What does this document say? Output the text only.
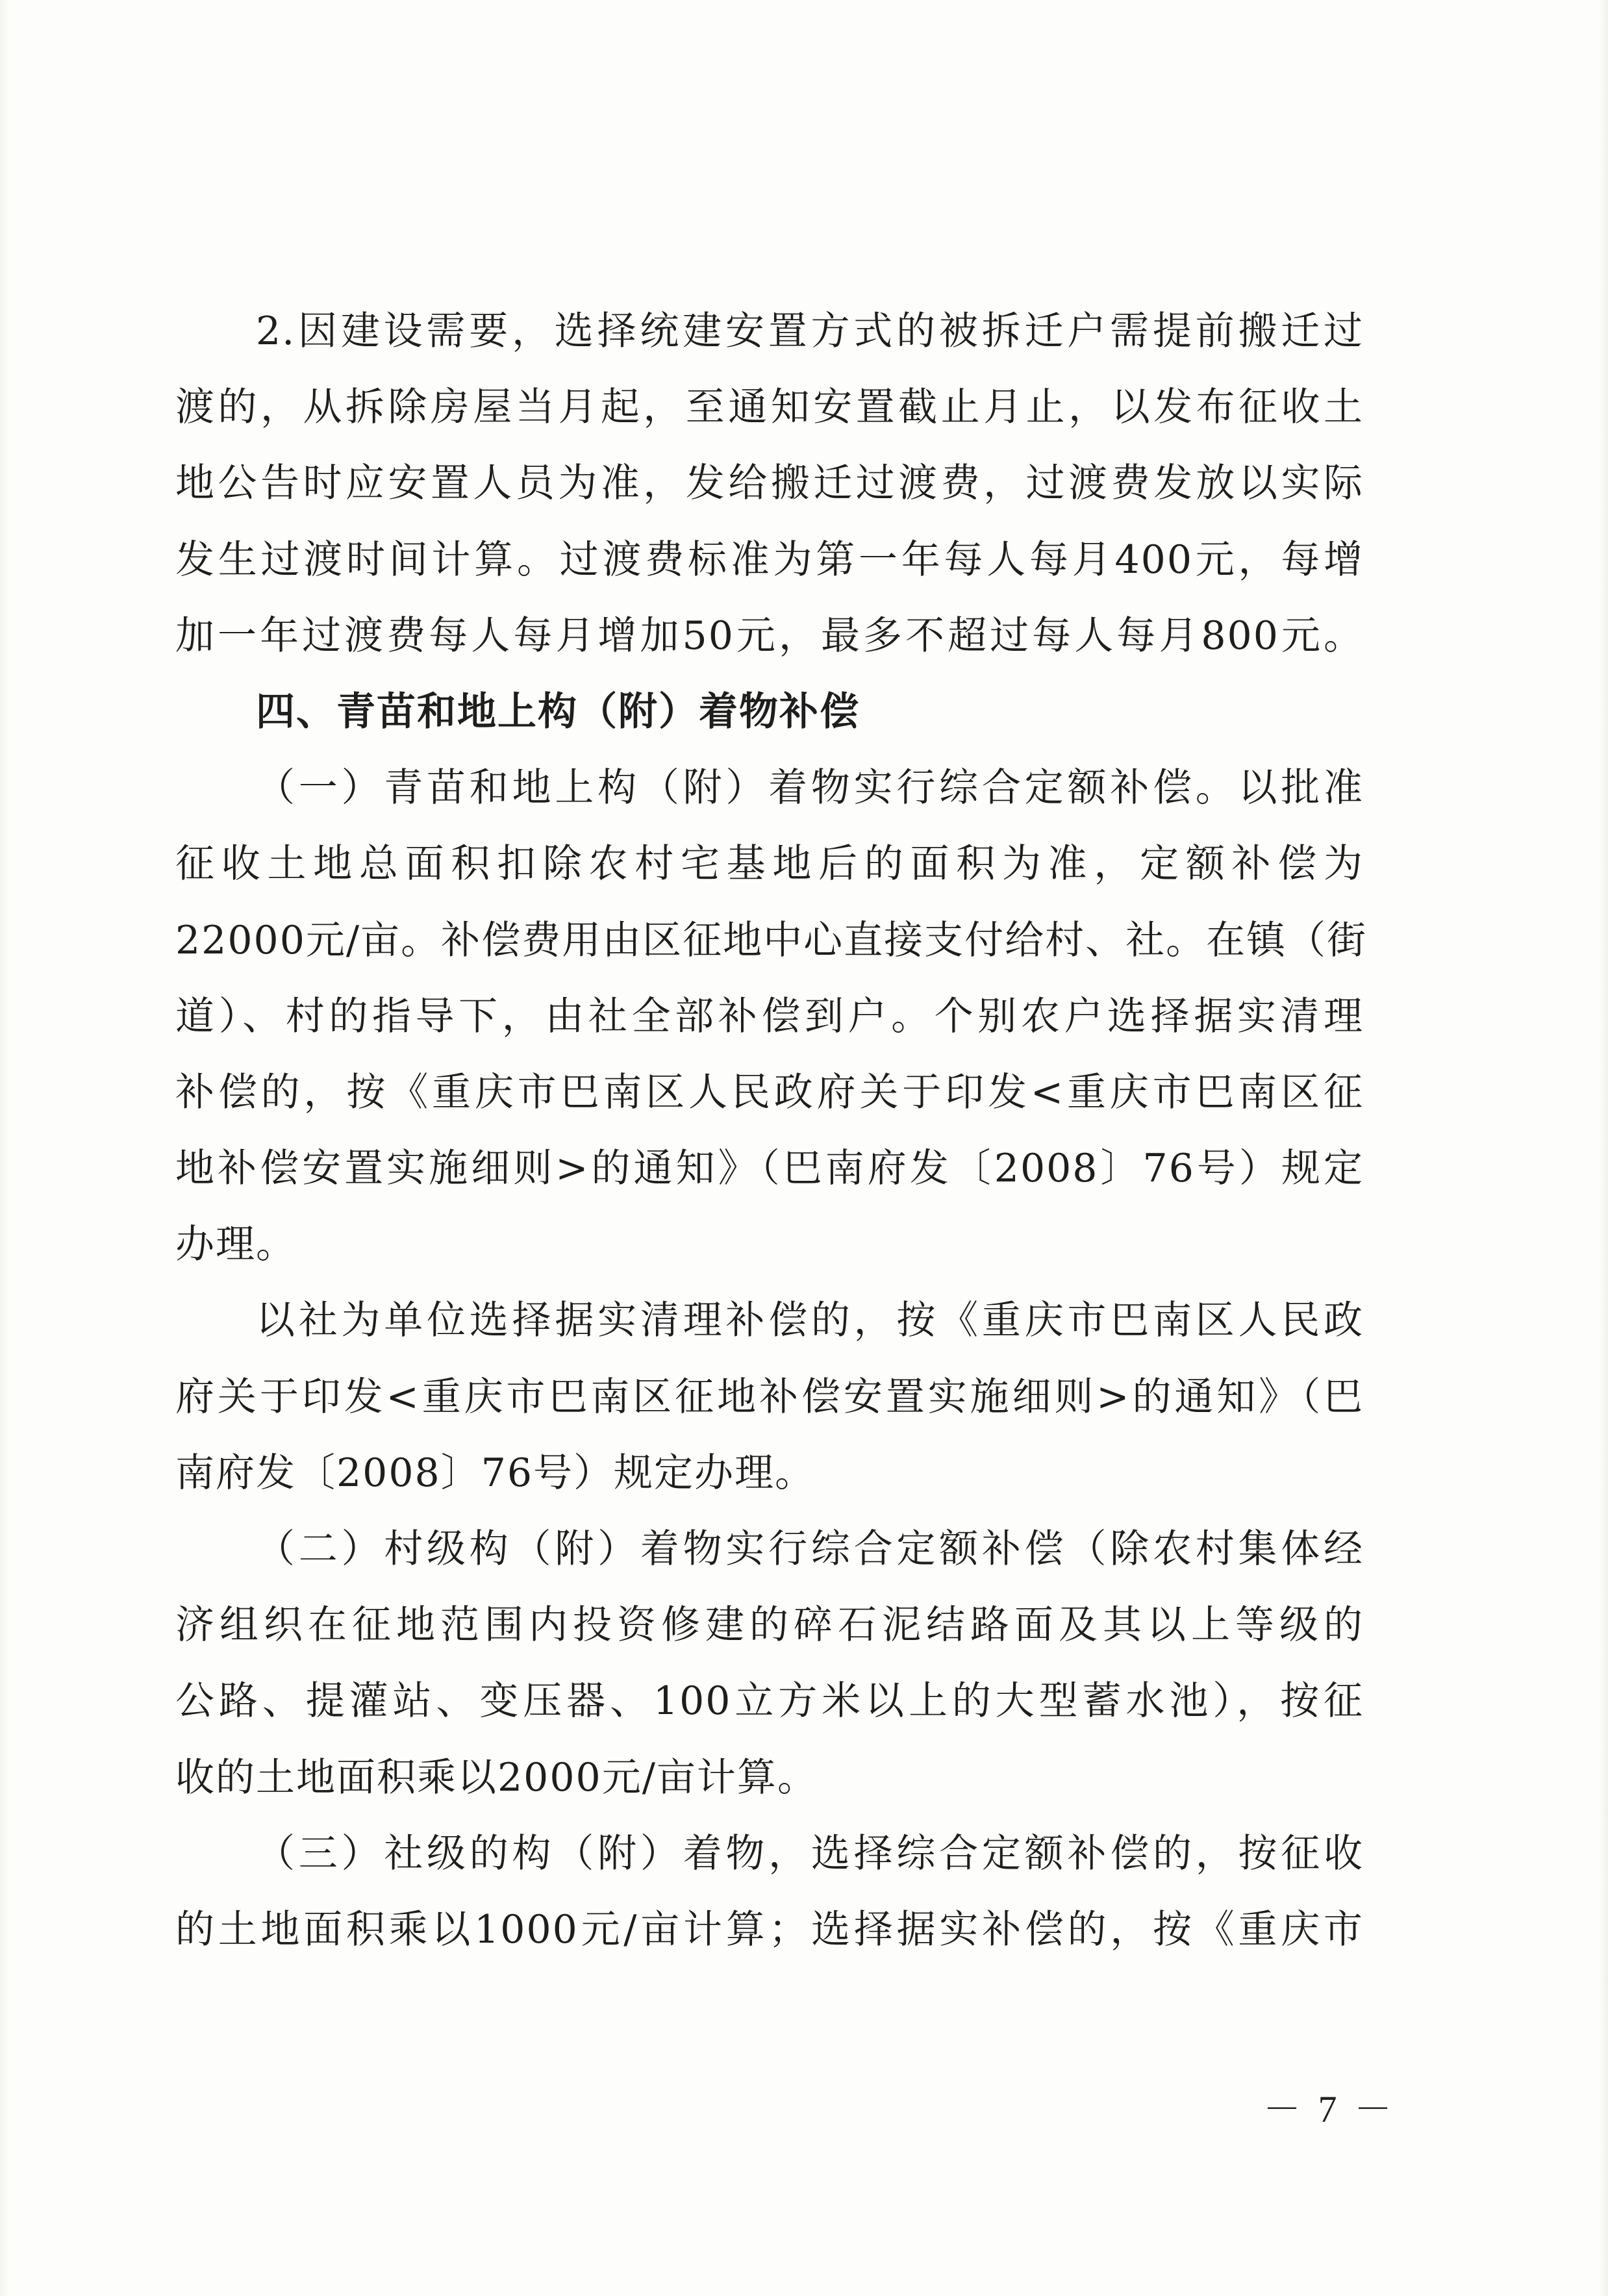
2.因建设需要，选择统建安置方式的被拆迁户需提前搬迁过
渡的，从拆除房屋当月起，至通知安置截止月止，以发布征收土
地公告时应安置人员为准，发给搬迁过渡费，过渡费发放以实际
发生过渡时间计算。过渡费标准为第一年每人每月400元，每增
加一年过渡费每人每月增加50元，最多不超过每人每月800元。
四、青苗和地上构（附）着物补偿
（一）青苗和地上构（附）着物实行综合定额补偿。以批准
征收土地总面积扣除农村宅基地后的面积为准，定额补偿为
22000元/亩。补偿费用由区征地中心直接支付给村、社。在镇（街
道）、村的指导下，由社全部补偿到户。个别农户选择据实清理
补偿的，按《重庆市巴南区人民政府关于印发<重庆市巴南区征
地补偿安置实施细则>的通知》（巴南府发〔2008〕76号）规定
办理。
以社为单位选择据实清理补偿的，按《重庆市巴南区人民政
府关于印发<重庆市巴南区征地补偿安置实施细则>的通知》（巴
南府发〔2008〕76号）规定办理。
（二）村级构（附）着物实行综合定额补偿（除农村集体经
济组织在征地范围内投资修建的碎石泥结路面及其以上等级的
公路、提灌站、变压器、100立方米以上的大型蓄水池），按征
收的土地面积乘以2000元/亩计算。
（三）社级的构（附）着物，选择综合定额补偿的，按征收
的土地面积乘以1000元/亩计算；选择据实补偿的，按《重庆市
－ 7 －
